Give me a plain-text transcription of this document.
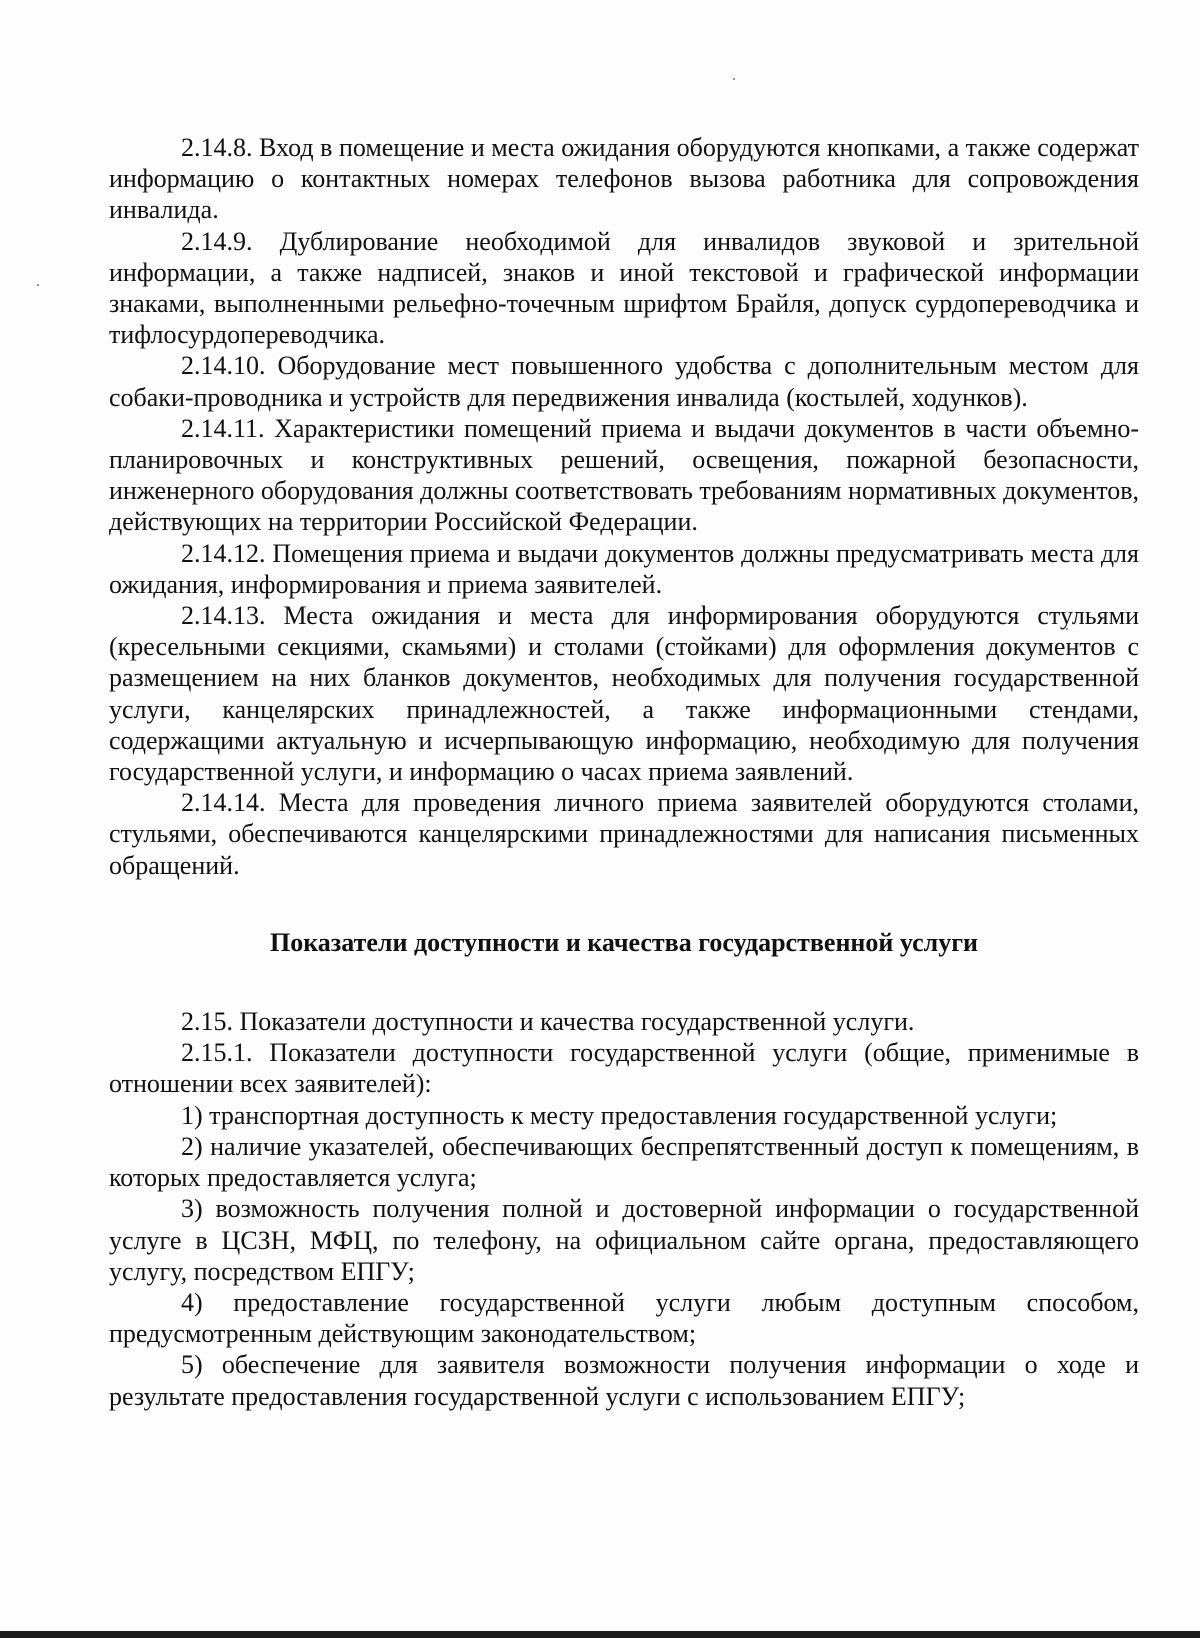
2.14.8. Вход в помещение и места ожидания оборудуются кнопками, а также содержат информацию о контактных номерах телефонов вызова работника для сопровождения инвалида.

2.14.9. Дублирование необходимой для инвалидов звуковой и зрительной информации, а также надписей, знаков и иной текстовой и графической информации знаками, выполненными рельефно-точечным шрифтом Брайля, допуск сурдопереводчика и тифлосурдопереводчика.

2.14.10. Оборудование мест повышенного удобства с дополнительным местом для собаки-проводника и устройств для передвижения инвалида (костылей, ходунков).

2.14.11. Характеристики помещений приема и выдачи документов в части объемно-планировочных и конструктивных решений, освещения, пожарной безопасности, инженерного оборудования должны соответствовать требованиям нормативных документов, действующих на территории Российской Федерации.

2.14.12. Помещения приема и выдачи документов должны предусматривать места для ожидания, информирования и приема заявителей.

2.14.13. Места ожидания и места для информирования оборудуются стульями (кресельными секциями, скамьями) и столами (стойками) для оформления документов с размещением на них бланков документов, необходимых для получения государственной услуги, канцелярских принадлежностей, а также информационными стендами, содержащими актуальную и исчерпывающую информацию, необходимую для получения государственной услуги, и информацию о часах приема заявлений.

2.14.14. Места для проведения личного приема заявителей оборудуются столами, стульями, обеспечиваются канцелярскими принадлежностями для написания письменных обращений.

Показатели доступности и качества государственной услуги

2.15. Показатели доступности и качества государственной услуги.

2.15.1. Показатели доступности государственной услуги (общие, применимые в отношении всех заявителей):

1) транспортная доступность к месту предоставления государственной услуги;

2) наличие указателей, обеспечивающих беспрепятственный доступ к помещениям, в которых предоставляется услуга;

3) возможность получения полной и достоверной информации о государственной услуге в ЦСЗН, МФЦ, по телефону, на официальном сайте органа, предоставляющего услугу, посредством ЕПГУ;

4) предоставление государственной услуги любым доступным способом, предусмотренным действующим законодательством;

5) обеспечение для заявителя возможности получения информации о ходе и результате предоставления государственной услуги с использованием ЕПГУ;
